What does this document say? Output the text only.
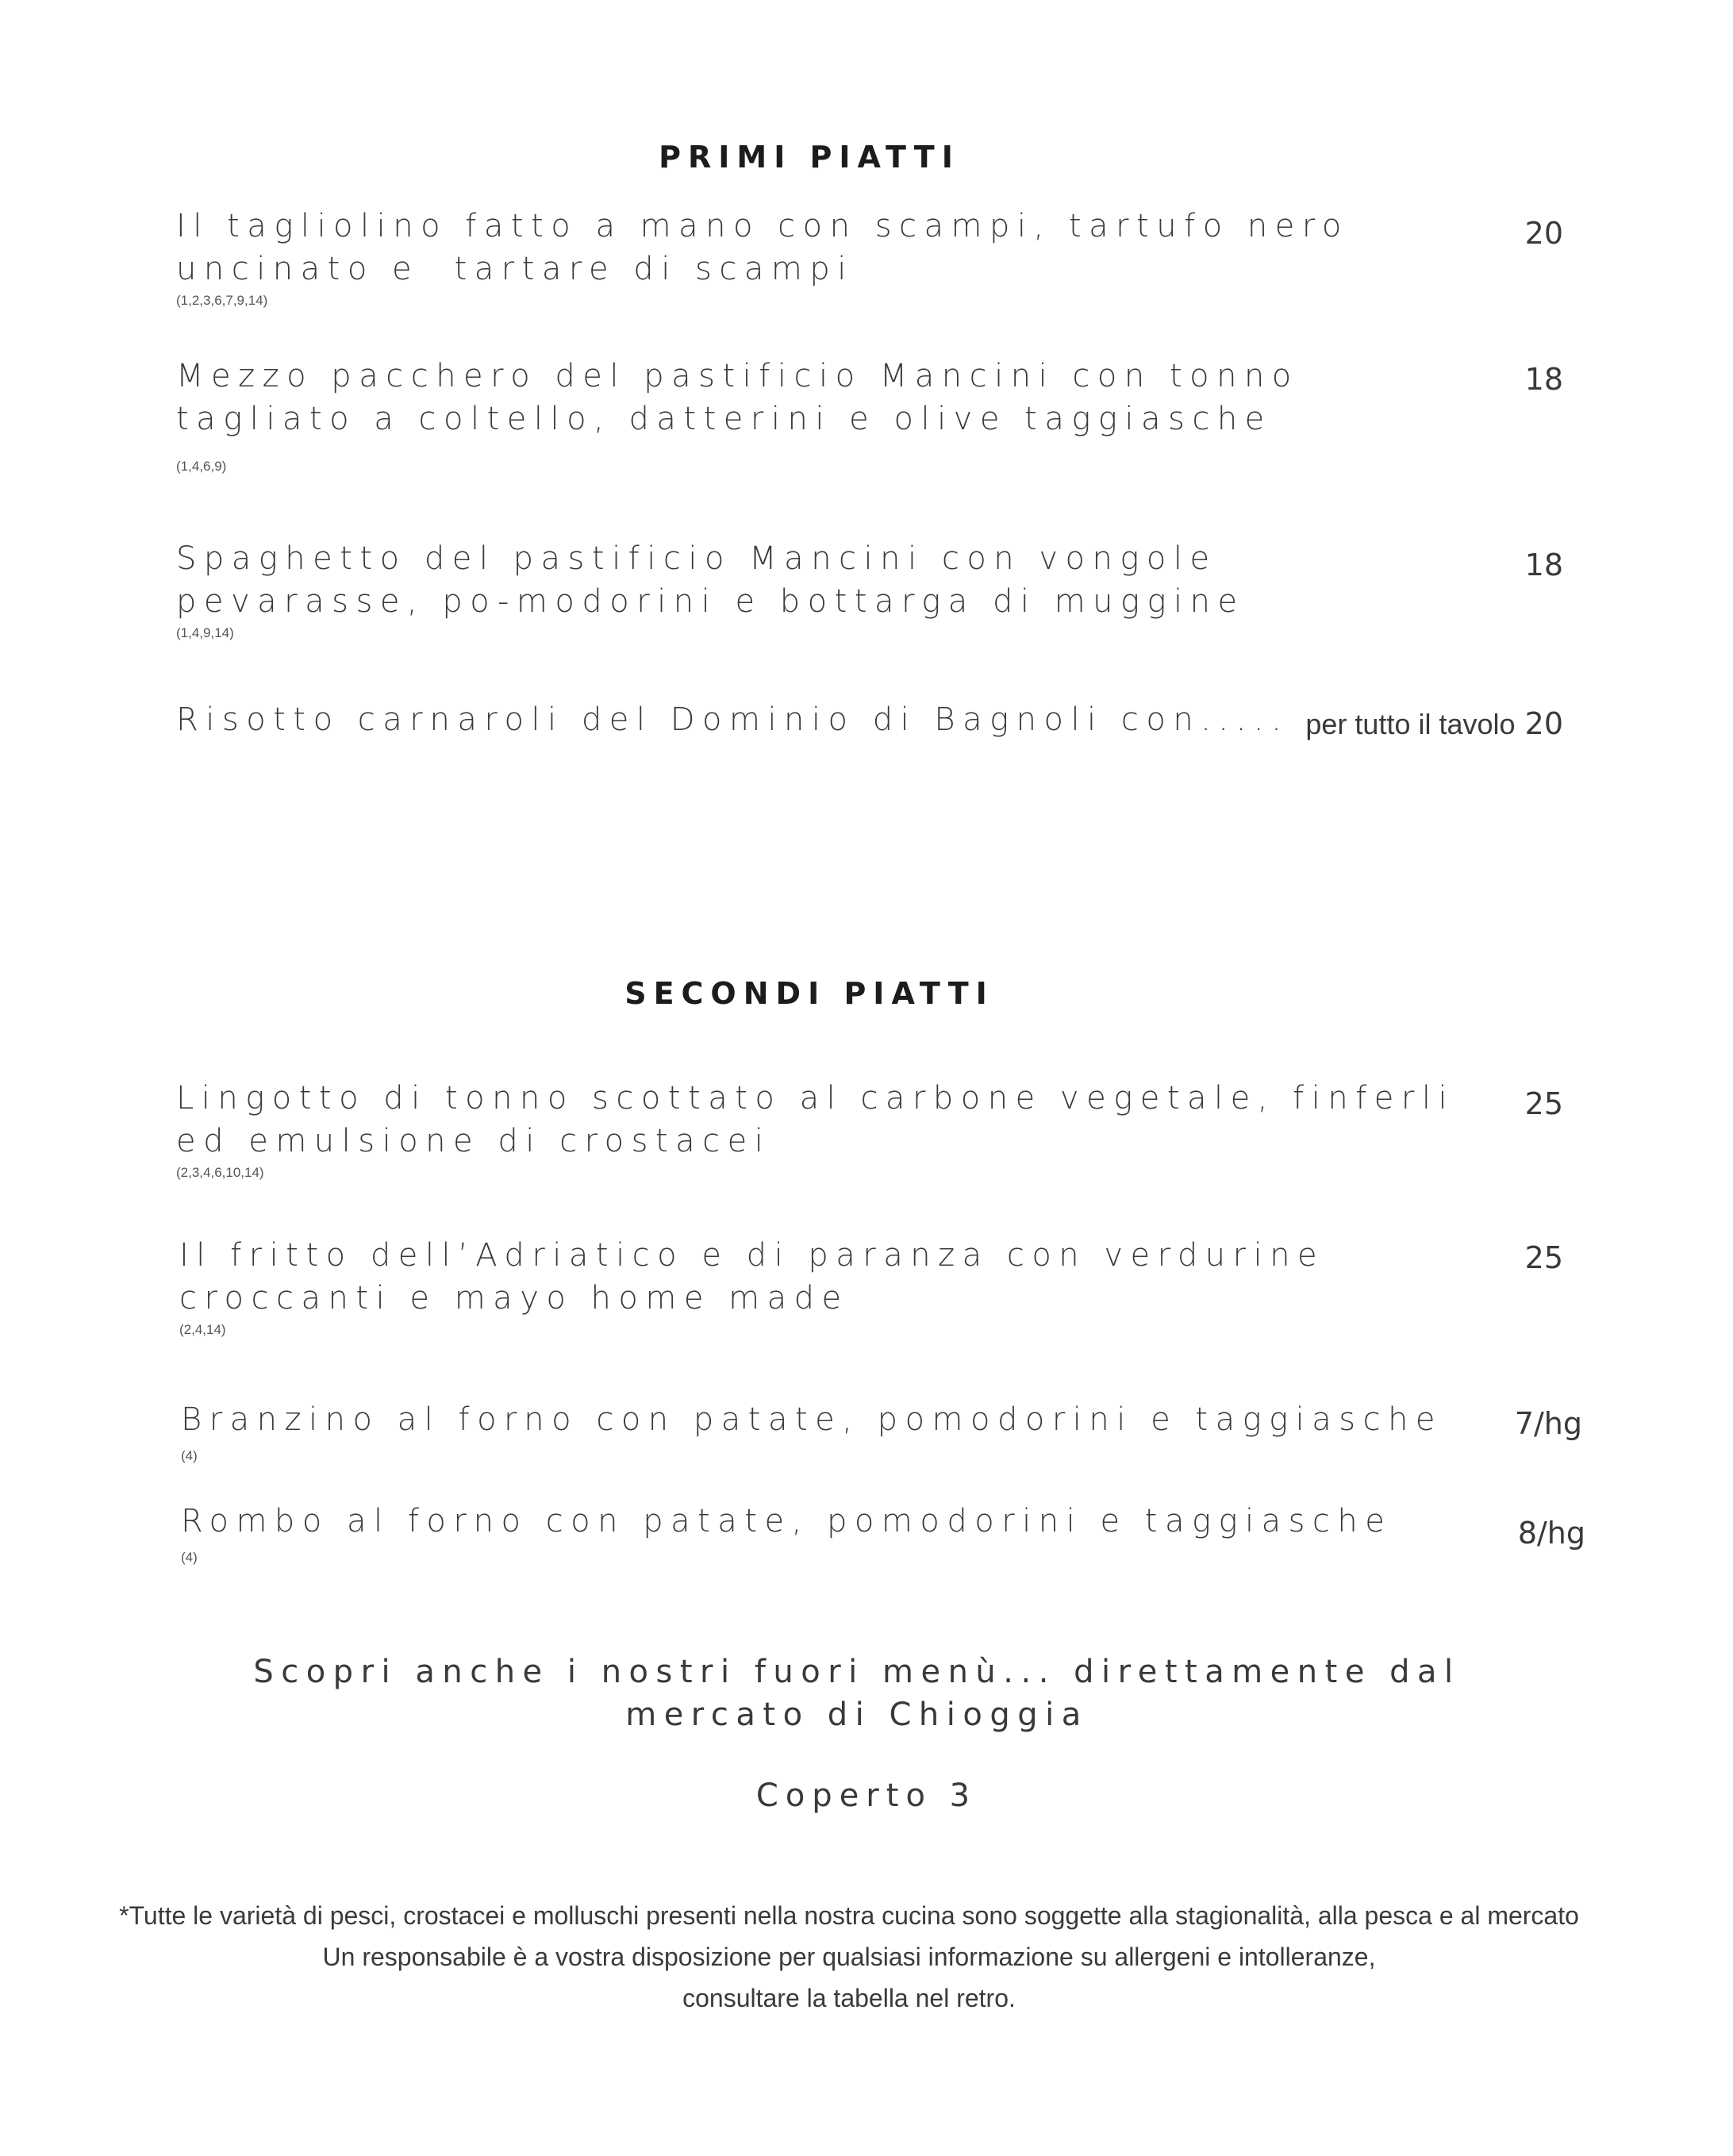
PRIMI PIATTI
Il tagliolino fatto a mano con scampi, tartufo nero uncinato e  tartare di scampi
(1,2,3,6,7,9,14)
20
Mezzo pacchero del pastificio Mancini con tonno tagliato a coltello, datterini e olive taggiasche
(1,4,6,9)
18
Spaghetto del pastificio Mancini con vongole pevarasse, po-modorini e bottarga di muggine
(1,4,9,14)
18
Risotto carnaroli del Dominio di Bagnoli con..... per tutto il tavolo 20
SECONDI PIATTI
Lingotto di tonno scottato al carbone vegetale, finferli ed emulsione di crostacei
(2,3,4,6,10,14)
25
Il fritto dell’Adriatico e di paranza con verdurine croccanti e mayo home made
(2,4,14)
25
Branzino al forno con patate, pomodorini e taggiasche
(4)
7/hg
Rombo al forno con patate, pomodorini e taggiasche
(4)
8/hg
Scopri anche i nostri fuori menù... direttamente dal mercato di Chioggia
Coperto 3
*Tutte le varietà di pesci, crostacei e molluschi presenti nella nostra cucina sono soggette alla stagionalità, alla pesca e al mercato
Un responsabile è a vostra disposizione per qualsiasi informazione su allergeni e intolleranze,
consultare la tabella nel retro.
